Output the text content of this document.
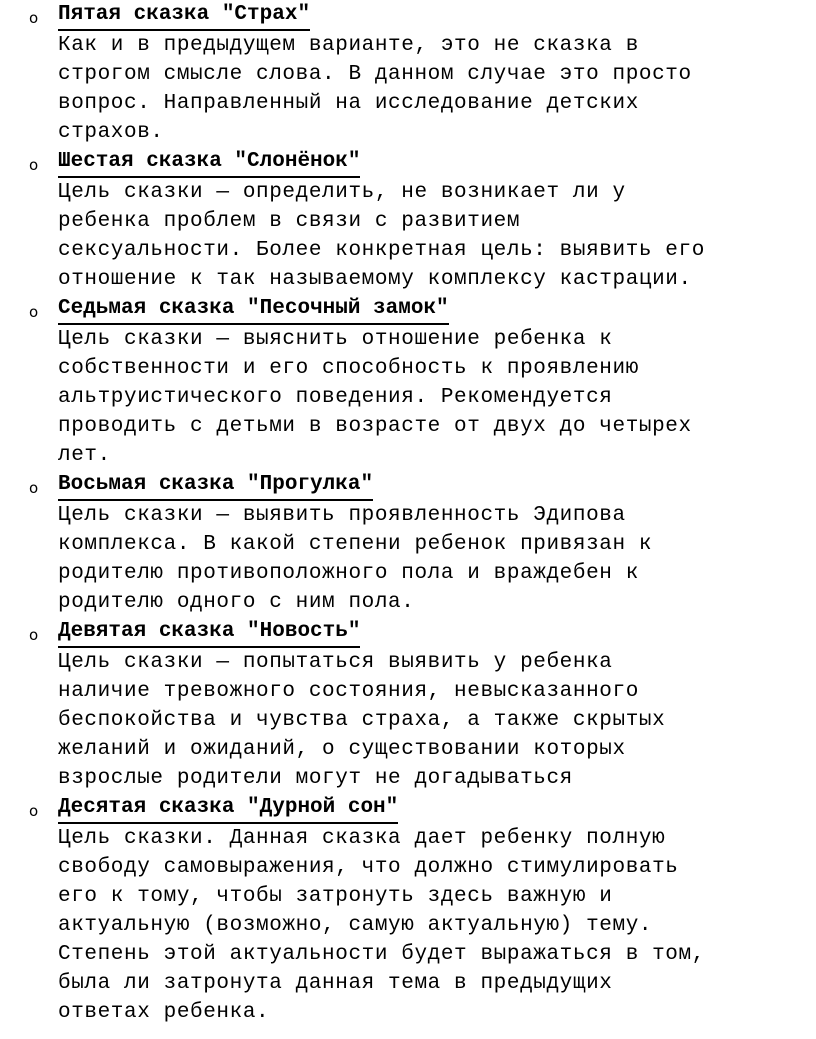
o Пятая сказка "Страх"
Как и в предыдущем варианте, это не сказка в
строгом смысле слова. В данном случае это просто
вопрос. Направленный на исследование детских
страхов.
o Шестая сказка "Слонёнок"
Цель сказки — определить, не возникает ли у
ребенка проблем в связи с развитием
сексуальности. Более конкретная цель: выявить его
отношение к так называемому комплексу кастрации.
o Седьмая сказка "Песочный замок"
Цель сказки — выяснить отношение ребенка к
собственности и его способность к проявлению
альтруистического поведения. Рекомендуется
проводить с детьми в возрасте от двух до четырех
лет.
o Восьмая сказка "Прогулка"
Цель сказки — выявить проявленность Эдипова
комплекса. В какой степени ребенок привязан к
родителю противоположного пола и враждебен к
родителю одного с ним пола.
o Девятая сказка "Новость"
Цель сказки — попытаться выявить у ребенка
наличие тревожного состояния, невысказанного
беспокойства и чувства страха, а также скрытых
желаний и ожиданий, о существовании которых
взрослые родители могут не догадываться
o Десятая сказка "Дурной сон"
Цель сказки. Данная сказка дает ребенку полную
свободу самовыражения, что должно стимулировать
его к тому, чтобы затронуть здесь важную и
актуальную (возможно, самую актуальную) тему.
Степень этой актуальности будет выражаться в том,
была ли затронута данная тема в предыдущих
ответах ребенка.
